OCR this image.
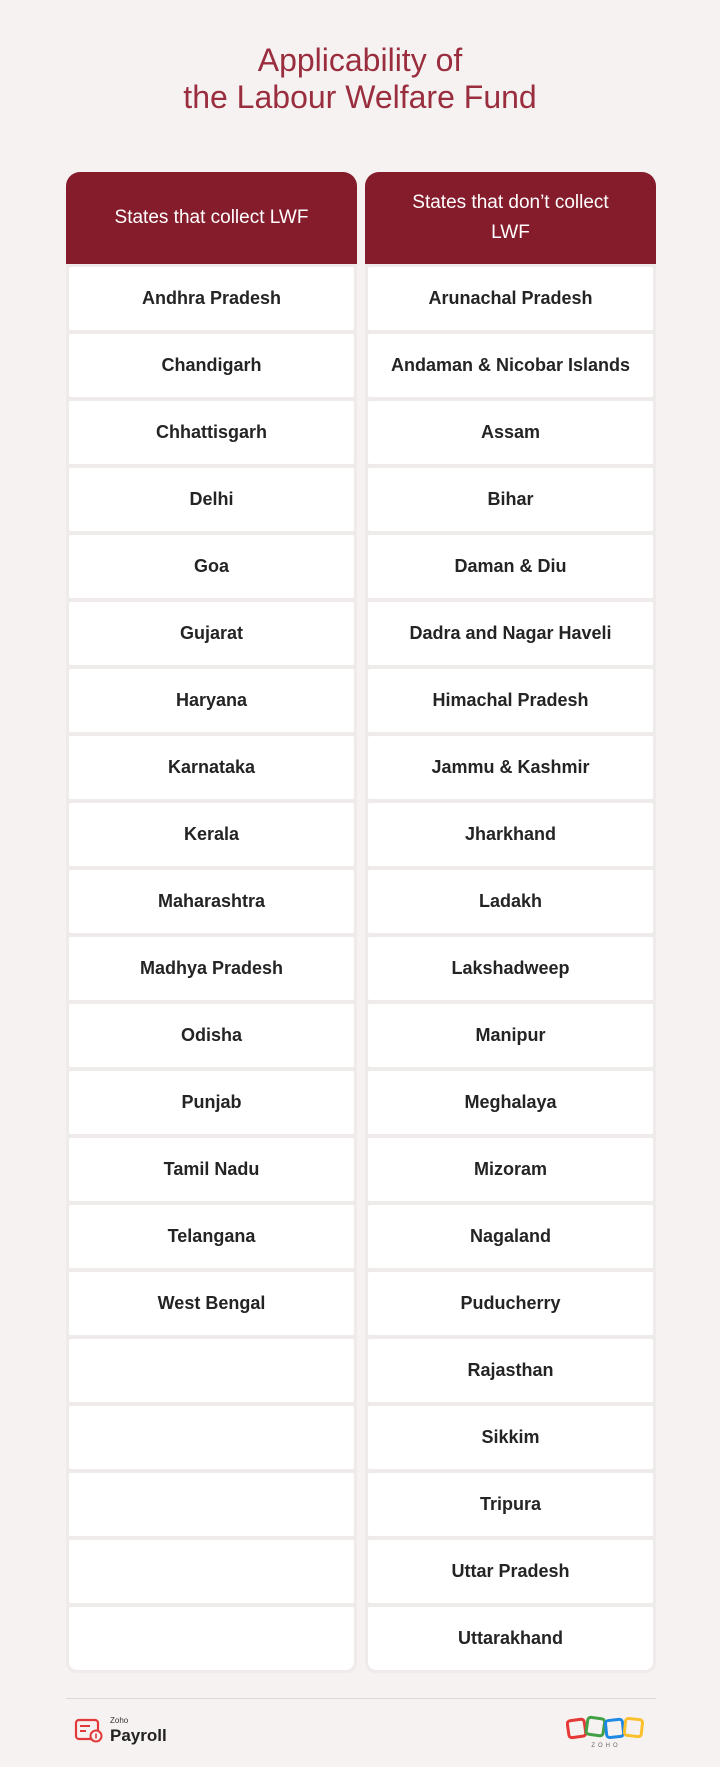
Applicability of
the Labour Welfare Fund
States that collect LWF
States that don’t collect LWF
Andhra Pradesh
Chandigarh
Chhattisgarh
Delhi
Goa
Gujarat
Haryana
Karnataka
Kerala
Maharashtra
Madhya Pradesh
Odisha
Punjab
Tamil Nadu
Telangana
West Bengal
Arunachal Pradesh
Andaman & Nicobar Islands
Assam
Bihar
Daman & Diu
Dadra and Nagar Haveli
Himachal Pradesh
Jammu & Kashmir
Jharkhand
Ladakh
Lakshadweep
Manipur
Meghalaya
Mizoram
Nagaland
Puducherry
Rajasthan
Sikkim
Tripura
Uttar Pradesh
Uttarakhand
Zoho
Payroll
ZOHO
